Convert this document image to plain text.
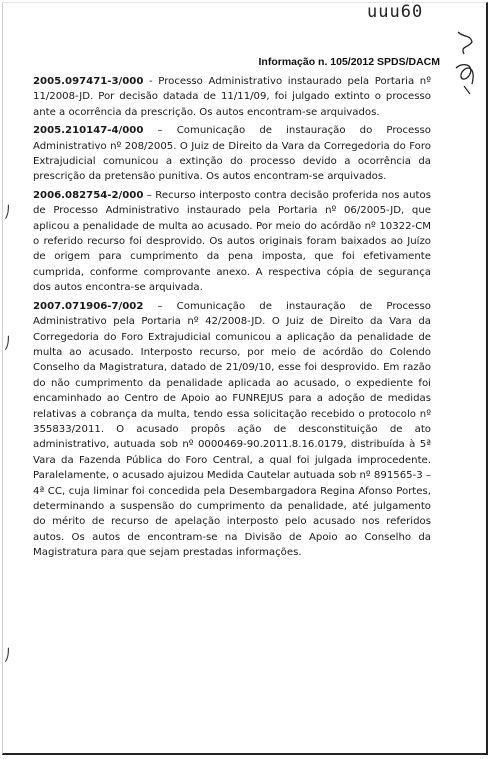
uuu60
Informação n. 105/2012 SPDS/DACM
⎠
⎠
⎠

2005.097471-3/000 - Processo Administrativo instaurado pela Portaria nº 11/2008-JD. Por decisão datada de 11/11/09, foi julgado extinto o processo ante a ocorrência da prescrição. Os autos encontram-se arquivados.

2005.210147-4/000 – Comunicação de instauração do Processo Administrativo nº 208/2005. O Juiz de Direito da Vara da Corregedoria do Foro Extrajudicial comunicou a extinção do processo devido a ocorrência da prescrição da pretensão punitiva. Os autos encontram-se arquivados.

2006.082754-2/000 – Recurso interposto contra decisão proferida nos autos de Processo Administrativo instaurado pela Portaria nº 06/2005-JD, que aplicou a penalidade de multa ao acusado. Por meio do acórdão nº 10322-CM o referido recurso foi desprovido. Os autos originais foram baixados ao Juízo de origem para cumprimento da pena imposta, que foi efetivamente cumprida, conforme comprovante anexo. A respectiva cópia de segurança dos autos encontra-se arquivada.

2007.071906-7/002 – Comunicação de instauração de Processo Administrativo pela Portaria nº 42/2008-JD. O Juiz de Direito da Vara da Corregedoria do Foro Extrajudicial comunicou a aplicação da penalidade de multa ao acusado. Interposto recurso, por meio de acórdão do Colendo Conselho da Magistratura, datado de 21/09/10, esse foi desprovido. Em razão do não cumprimento da penalidade aplicada ao acusado, o expediente foi encaminhado ao Centro de Apoio ao FUNREJUS para a adoção de medidas relativas a cobrança da multa, tendo essa solicitação recebido o protocolo nº 355833/2011. O acusado propôs ação de desconstituição de ato administrativo, autuada sob nº 0000469-90.2011.8.16.0179, distribuída à 5ª Vara da Fazenda Pública do Foro Central, a qual foi julgada improcedente. Paralelamente, o acusado ajuizou Medida Cautelar autuada sob nº 891565-3 – 4ª CC, cuja liminar foi concedida pela Desembargadora Regina Afonso Portes, determinando a suspensão do cumprimento da penalidade, até julgamento do mérito de recurso de apelação interposto pelo acusado nos referidos autos. Os autos de encontram-se na Divisão de Apoio ao Conselho da Magistratura para que sejam prestadas informações.
